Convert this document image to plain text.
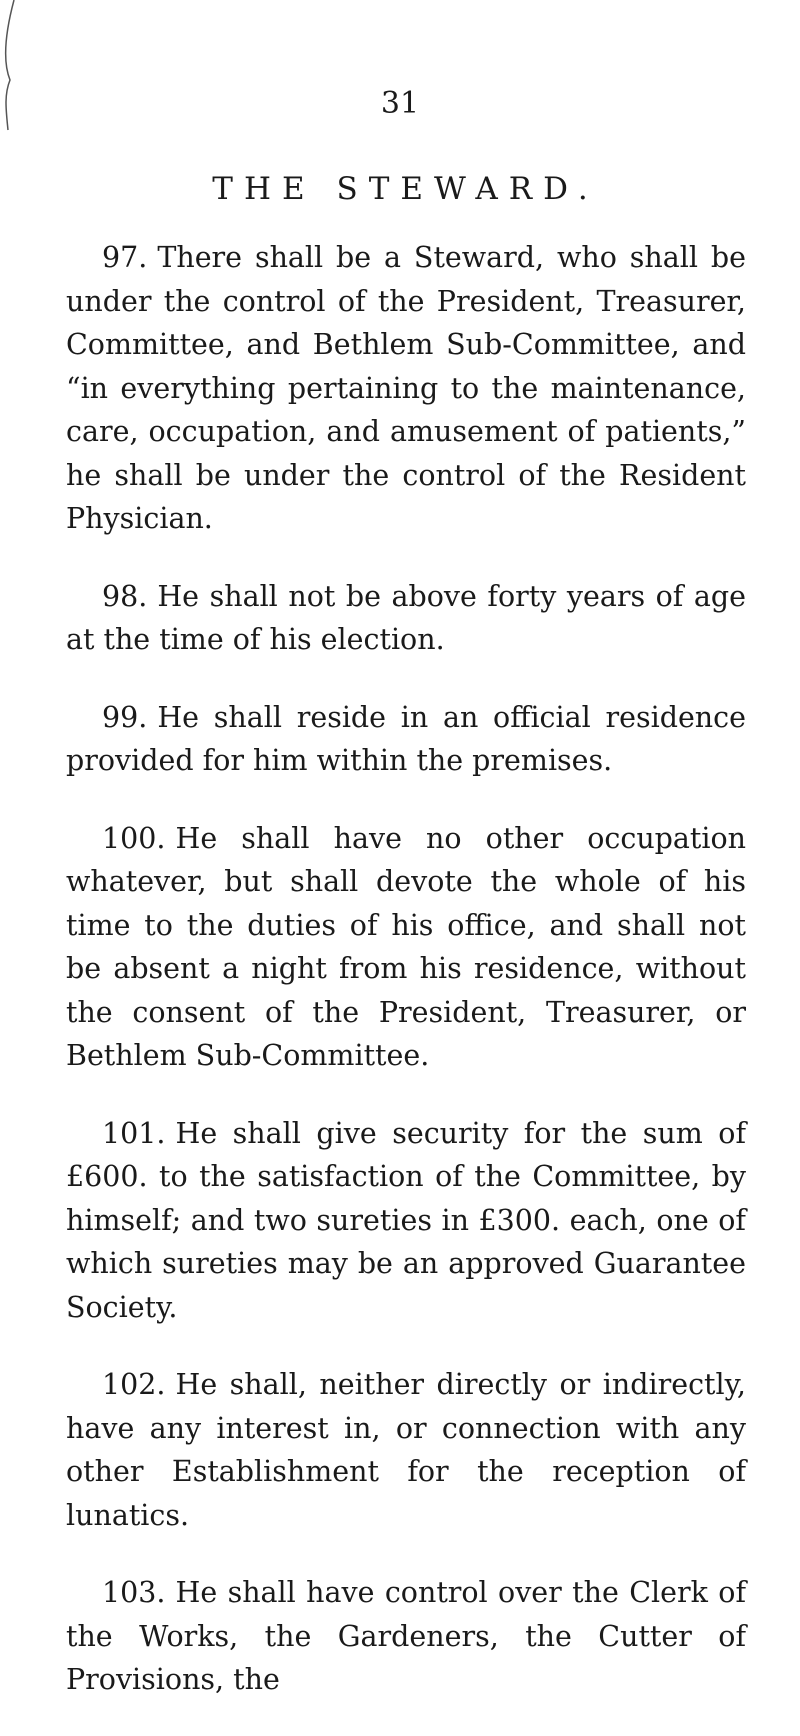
31
THE STEWARD.

97. There shall be a Steward, who shall be under the control of the President, Treasurer, Committee, and Bethlem Sub-Committee, and “in everything pertaining to the maintenance, care, occupation, and amusement of patients,” he shall be under the control of the Resident Physician.

98. He shall not be above forty years of age at the time of his election.

99. He shall reside in an official residence provided for him within the premises.

100. He shall have no other occupation whatever, but shall devote the whole of his time to the duties of his office, and shall not be absent a night from his residence, without the consent of the President, Treasurer, or Bethlem Sub-Committee.

101. He shall give security for the sum of £600. to the satisfaction of the Committee, by himself; and two sureties in £300. each, one of which sureties may be an approved Guarantee Society.

102. He shall, neither directly or indirectly, have any interest in, or connection with any other Establishment for the reception of lunatics.

103. He shall have control over the Clerk of the Works, the Gardeners, the Cutter of Provisions, the
